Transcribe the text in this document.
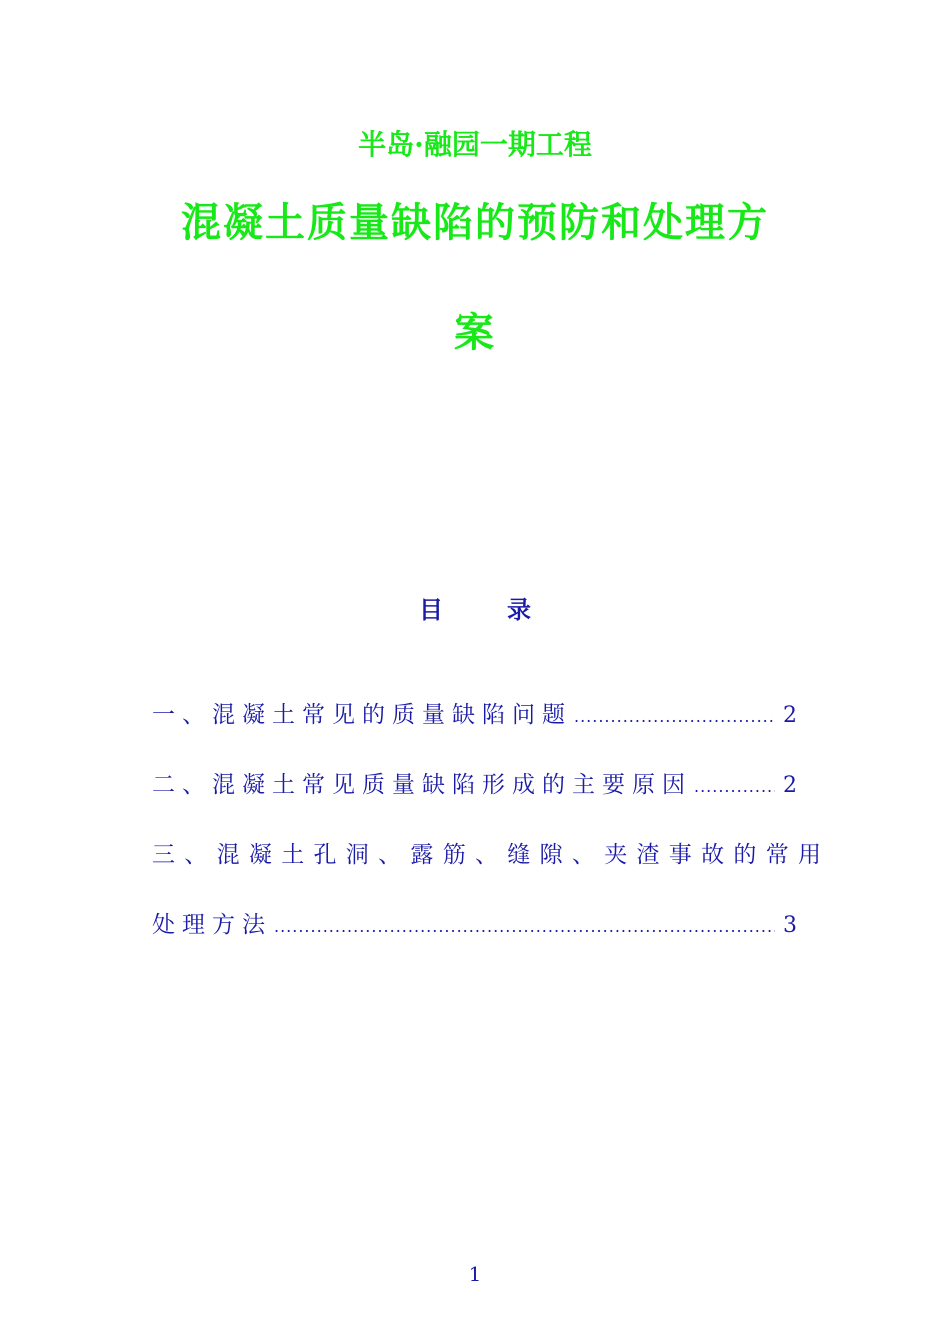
半岛·融园一期工程
混凝土质量缺陷的预防和处理方
案
目	录
一、混凝土常见的质量缺陷问题 .....	2
二、混凝土常见质量缺陷形成的主要原因 .....	2
三、混凝土孔洞、露筋、缝隙、夹渣事故的常用
处理方法 .....	3
1
